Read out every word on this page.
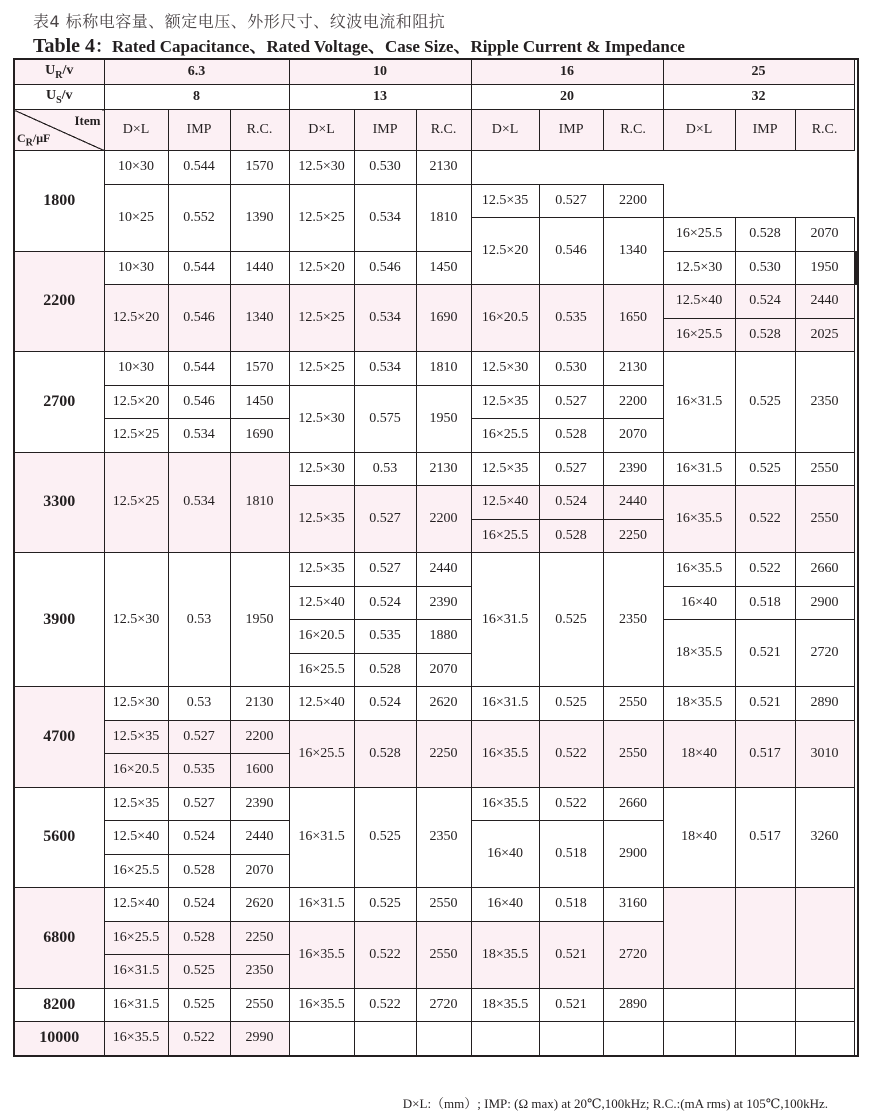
表4 标称电容量、额定电压、外形尺寸、纹波电流和阻抗
Table 4：Rated Capacitance、Rated Voltage、Case Size、Ripple Current & Impedance
$U_R/v$	6.3			10			16			25				
$U_S/v$	8			13			20			32				

Item
$C_R/\mu F$	D×L	IMP	R.C.	D×L	IMP	R.C.	D×L	IMP	R.C.	D×L	IMP	R.C.		
1800	10×30	0.544	1570	12.5×30	0.530	2130								
	10×25	0.552	1390	12.5×25	0.534	1810	12.5×35	0.527	2200					
							12.5×20	0.546	1340	16×25.5	0.528	2070		
2200	10×30	0.544	1440	12.5×20	0.546	1450				12.5×30	0.530	1950			
	12.5×20	0.546	1340	12.5×25	0.534	1690	16×20.5	0.535	1650	12.5×40	0.524	2440		
										16×25.5	0.528	2025		
2700	10×30	0.544	1570	12.5×25	0.534	1810	12.5×30	0.530	2130	16×31.5	0.525	2350		
	12.5×20	0.546	1450	12.5×30	0.575	1950	12.5×35	0.527	2200					
	12.5×25	0.534	1690				16×25.5	0.528	2070					
3300	12.5×25	0.534	1810	12.5×30	0.53	2130	12.5×35	0.527	2390	16×31.5	0.525	2550		
				12.5×35	0.527	2200	12.5×40	0.524	2440	16×35.5	0.522	2550		
							16×25.5	0.528	2250					
3900	12.5×30	0.53	1950	12.5×35	0.527	2440	16×31.5	0.525	2350	16×35.5	0.522	2660		
				12.5×40	0.524	2390				16×40	0.518	2900		
				16×20.5	0.535	1880				18×35.5	0.521	2720		
				16×25.5	0.528	2070								
4700	12.5×30	0.53	2130	12.5×40	0.524	2620	16×31.5	0.525	2550	18×35.5	0.521	2890		
	12.5×35	0.527	2200	16×25.5	0.528	2250	16×35.5	0.522	2550	18×40	0.517	3010		
	16×20.5	0.535	1600											
5600	12.5×35	0.527	2390	16×31.5	0.525	2350	16×35.5	0.522	2660	18×40	0.517	3260		
	12.5×40	0.524	2440				16×40	0.518	2900					
	16×25.5	0.528	2070											
6800	12.5×40	0.524	2620	16×31.5	0.525	2550	16×40	0.518	3160					
	16×25.5	0.528	2250	16×35.5	0.522	2550	18×35.5	0.521	2720					
	16×31.5	0.525	2350											
8200	16×31.5	0.525	2550	16×35.5	0.522	2720	18×35.5	0.521	2890					
10000	16×35.5	0.522	2990											
D×L:（mm）; IMP: (Ω max) at 20℃,100kHz; R.C.:(mA rms) at 105℃,100kHz.
